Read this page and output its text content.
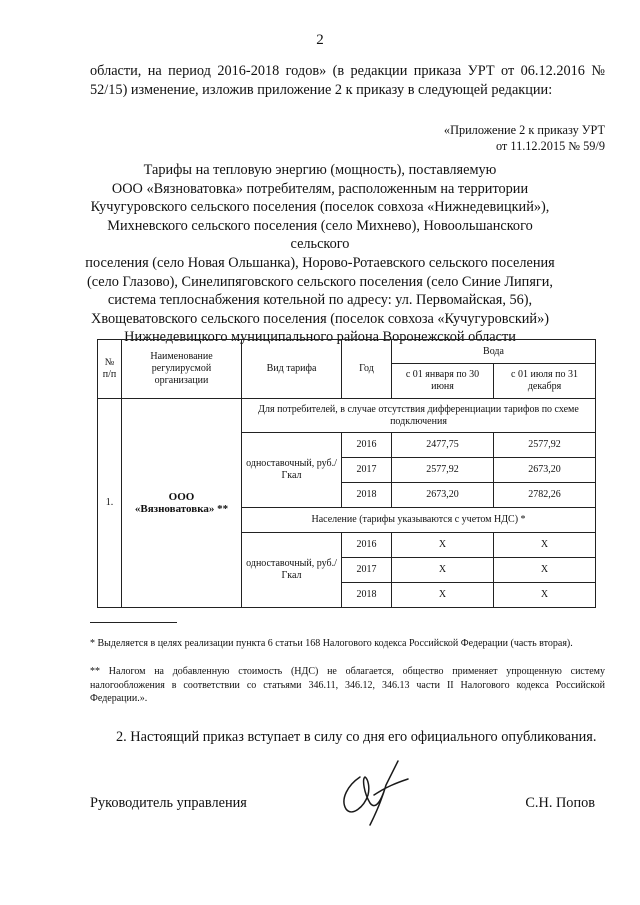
2
области, на период 2016-2018 годов» (в редакции приказа УРТ от 06.12.2016 № 52/15) изменение, изложив приложение 2 к приказу в следующей редакции:
«Приложение 2 к приказу УРТ
от 11.12.2015 № 59/9
Тарифы на тепловую энергию (мощность), поставляемую
ООО «Вязноватовка» потребителям, расположенным на территории
Кучугуровского сельского поселения (поселок совхоза «Нижнедевицкий»),
Михневского сельского поселения (село Михнево), Новоольшанского сельского
поселения (село Новая Ольшанка), Норово-Ротаевского сельского поселения
(село Глазово), Синелипяговского сельского поселения (село Синие Липяги,
система теплоснабжения котельной по адресу: ул. Первомайская, 56),
Хвощеватовского сельского поселения (поселок совхоза «Кучугуровский»)
Нижнедевицкого муниципального района Воронежской области
№ п/п	Наименование регулирусмой организации	Вид тарифа	Год	Вода	
				с 01 января по 30 июня	с 01 июля по 31 декабря
1.	ООО
«Вязноватовка» **	Для потребителей, в случае отсутствия дифференциации тарифов по схеме подключения			
		одноставочный, руб./Гкал	2016	2477,75	2577,92
			2017	2577,92	2673,20
			2018	2673,20	2782,26
		Население (тарифы указываются с учетом НДС) *			
		одноставочный, руб./Гкал	2016	Х	Х
			2017	Х	Х
			2018	Х	Х
* Выделяется в целях реализации пункта 6 статьи 168 Налогового кодекса Российской Федерации (часть вторая).
** Налогом на добавленную стоимость (НДС) не облагается, общество применяет упрощенную систему налогообложения в соответствии со статьями 346.11, 346.12, 346.13 части II Налогового кодекса Российской Федерации.».
2. Настоящий приказ вступает в силу со дня его официального опубликования.
Руководитель управления	С.Н. Попов
